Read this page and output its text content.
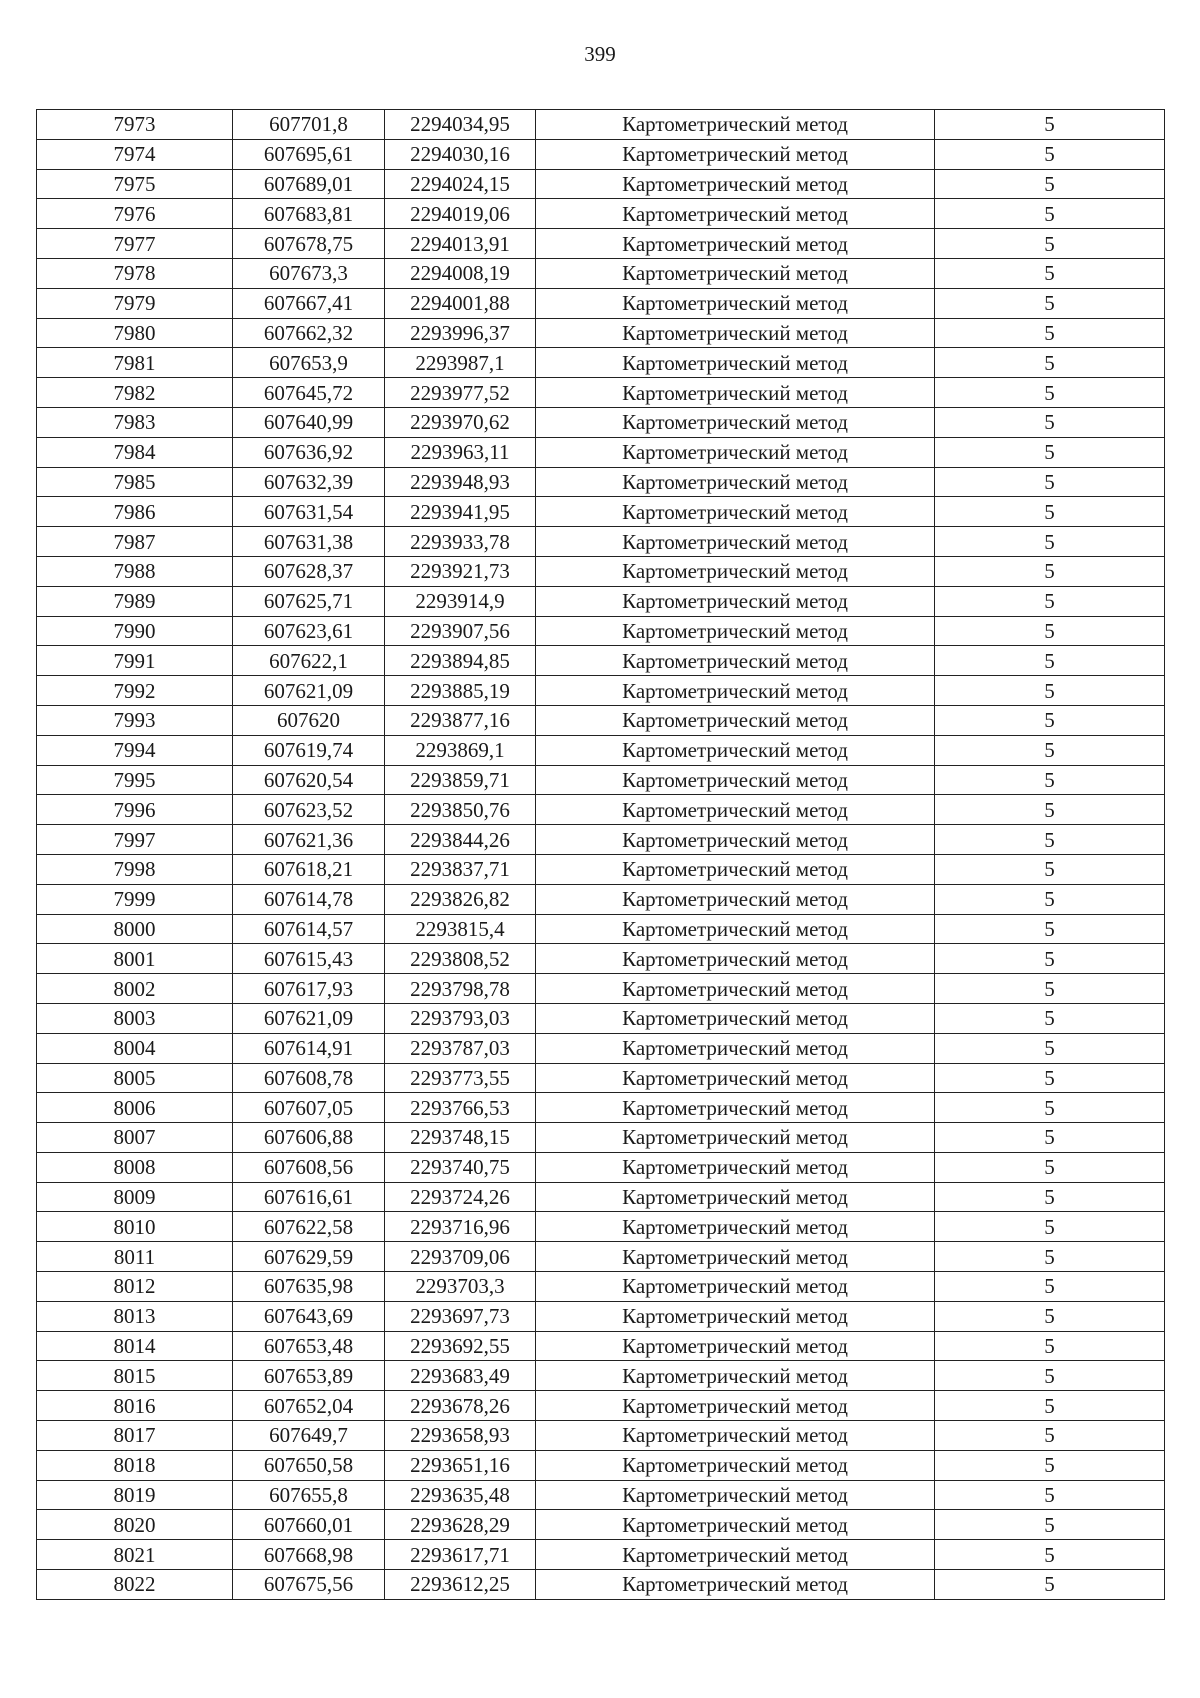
399
7973	607701,8	2294034,95	Картометрический метод	5
7974	607695,61	2294030,16	Картометрический метод	5
7975	607689,01	2294024,15	Картометрический метод	5
7976	607683,81	2294019,06	Картометрический метод	5
7977	607678,75	2294013,91	Картометрический метод	5
7978	607673,3	2294008,19	Картометрический метод	5
7979	607667,41	2294001,88	Картометрический метод	5
7980	607662,32	2293996,37	Картометрический метод	5
7981	607653,9	2293987,1	Картометрический метод	5
7982	607645,72	2293977,52	Картометрический метод	5
7983	607640,99	2293970,62	Картометрический метод	5
7984	607636,92	2293963,11	Картометрический метод	5
7985	607632,39	2293948,93	Картометрический метод	5
7986	607631,54	2293941,95	Картометрический метод	5
7987	607631,38	2293933,78	Картометрический метод	5
7988	607628,37	2293921,73	Картометрический метод	5
7989	607625,71	2293914,9	Картометрический метод	5
7990	607623,61	2293907,56	Картометрический метод	5
7991	607622,1	2293894,85	Картометрический метод	5
7992	607621,09	2293885,19	Картометрический метод	5
7993	607620	2293877,16	Картометрический метод	5
7994	607619,74	2293869,1	Картометрический метод	5
7995	607620,54	2293859,71	Картометрический метод	5
7996	607623,52	2293850,76	Картометрический метод	5
7997	607621,36	2293844,26	Картометрический метод	5
7998	607618,21	2293837,71	Картометрический метод	5
7999	607614,78	2293826,82	Картометрический метод	5
8000	607614,57	2293815,4	Картометрический метод	5
8001	607615,43	2293808,52	Картометрический метод	5
8002	607617,93	2293798,78	Картометрический метод	5
8003	607621,09	2293793,03	Картометрический метод	5
8004	607614,91	2293787,03	Картометрический метод	5
8005	607608,78	2293773,55	Картометрический метод	5
8006	607607,05	2293766,53	Картометрический метод	5
8007	607606,88	2293748,15	Картометрический метод	5
8008	607608,56	2293740,75	Картометрический метод	5
8009	607616,61	2293724,26	Картометрический метод	5
8010	607622,58	2293716,96	Картометрический метод	5
8011	607629,59	2293709,06	Картометрический метод	5
8012	607635,98	2293703,3	Картометрический метод	5
8013	607643,69	2293697,73	Картометрический метод	5
8014	607653,48	2293692,55	Картометрический метод	5
8015	607653,89	2293683,49	Картометрический метод	5
8016	607652,04	2293678,26	Картометрический метод	5
8017	607649,7	2293658,93	Картометрический метод	5
8018	607650,58	2293651,16	Картометрический метод	5
8019	607655,8	2293635,48	Картометрический метод	5
8020	607660,01	2293628,29	Картометрический метод	5
8021	607668,98	2293617,71	Картометрический метод	5
8022	607675,56	2293612,25	Картометрический метод	5
